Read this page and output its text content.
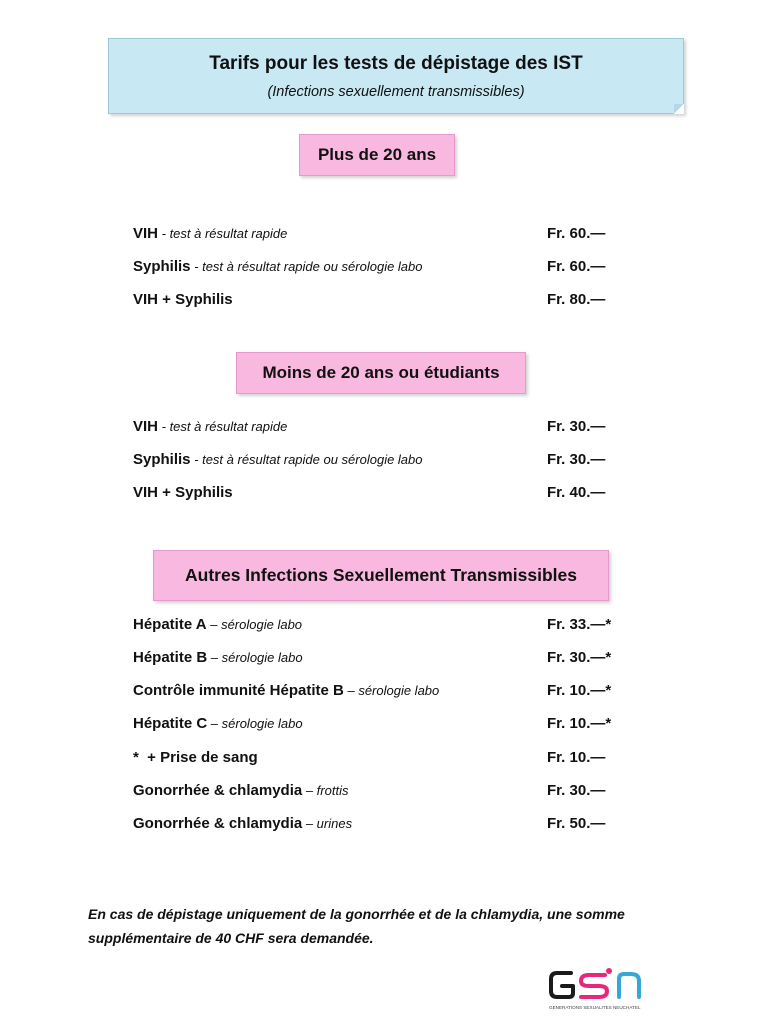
Tarifs pour les tests de dépistage des IST
(Infections sexuellement transmissibles)
Plus de 20 ans
VIH - test à résultat rapide	Fr. 60.—
Syphilis - test à résultat rapide ou sérologie labo	Fr. 60.—
VIH + Syphilis	Fr. 80.—
Moins de 20 ans ou étudiants
VIH - test à résultat rapide	Fr. 30.—
Syphilis - test à résultat rapide ou sérologie labo	Fr. 30.—
VIH + Syphilis	Fr. 40.—
Autres Infections Sexuellement Transmissibles
Hépatite A – sérologie labo	Fr. 33.—*
Hépatite B – sérologie labo	Fr. 30.—*
Contrôle immunité Hépatite B – sérologie labo	Fr. 10.—*
Hépatite C – sérologie labo	Fr. 10.—*
*  + Prise de sang	Fr. 10.—
Gonorrhée & chlamydia – frottis	Fr. 30.—
Gonorrhée & chlamydia – urines	Fr. 50.—
En cas de dépistage uniquement de la gonorrhée et de la chlamydia, une somme
supplémentaire de 40 CHF sera demandée.
GENERATIONS SEXUALITES NEUCHATEL
